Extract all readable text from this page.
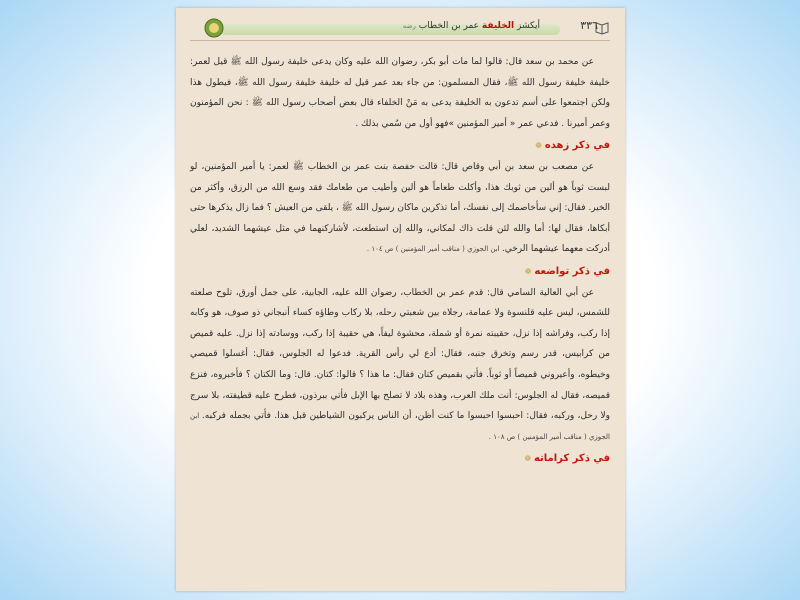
أيكشز الخليفة عمر بن الخطاب رضه	٣٣٦

عن محمد بن سعد قال: قالوا لما مات أبو بكر، رضوان الله عليه وكان يدعى خليفة رسول الله ﷺ قيل لعمر: خليفة خليفة رسول الله ﷺ، فقال المسلمون: من جاء بعد عمر قيل له خليفة خليفة رسول الله ﷺ، فيطول هذا ولكن اجتمعوا على أسم تدعون به الخليفة يدعى به مَنْ الخلفاء قال بعض أصحاب رسول الله ﷺ : نحن المؤمنون وعمر أميرنا . فدعي عمر « أمير المؤمنين »فهو أول من سُمي بذلك .

في ذكر زهده ❁

عن مصعب بن سعد بن أبي وقاص قال: قالت حفصة بنت عمر بن الخطاب ﷺ لعمر: يا أمير المؤمنين، لو لبست ثوباً هو ألين من ثوبك هذا، وأكلت طعاماً هو ألين وأطيب من طعامك فقد وسع الله من الرزق، وأكثر من الخير. فقال: إني سأخاصمك إلى نفسك، أما تذكرين ماكان رسول الله ﷺ ، يلقى من العيش ؟ فما زال يذكرها حتى أبكاها، فقال لها: أما والله لئن قلت ذاك لمكاني، والله إن استطعت، لأشاركنهما في مثل عيشهما الشديد، لعلي أدركت معهما عيشهما الرخي. ابن الجوزي ( مناقب أمير المؤمنين ) ص ١٠٤ .

في ذكر تواضعه ❁

عن أبي العالية السامي قال: قدم عمر بن الخطاب، رضوان الله عليه، الجابية، على جمل أورق، تلوح صلعته للشمس، ليس عليه قلنسوة ولا عمامة، رجلاه بين شعبتي رحله، بلا ركاب وطاؤه كساء أنبجاني ذو صوف، هو وكابه إذا ركب، وفراشه إذا نزل، حقيبته نمرة أو شملة، محشوة ليفاً، هي حقيبة إذا ركب، ووسادته إذا نزل. عليه قميص من كرابيس، قدر رسم وتخرق جنبه، فقال: أدع لي رأس القرية. فدعوا له الجلوس، فقال: أغسلوا قميصي وخيطوه، وأعيروني قميصاً أو ثوباً. فأتي بقميص كتان فقال: ما هذا ؟ قالوا: كتان. قال: وما الكتان ؟ فأخبروه، فنزع قميصه، فقال له الجلوس: أنت ملك العرب، وهذه بلاد لا تصلح بها الإبل فأتي ببرذون، فطرح عليه قطيفته، بلا سرج ولا رحل، وركبه، فقال: احبسوا احبسوا ما كنت أظن، أن الناس يركبون الشياطين قبل هذا. فأتي بجمله فركبه. ابن الجوزي ( مناقب أمير المؤمنين ) ص ١٠٨ .

في ذكر كراماته ❁
